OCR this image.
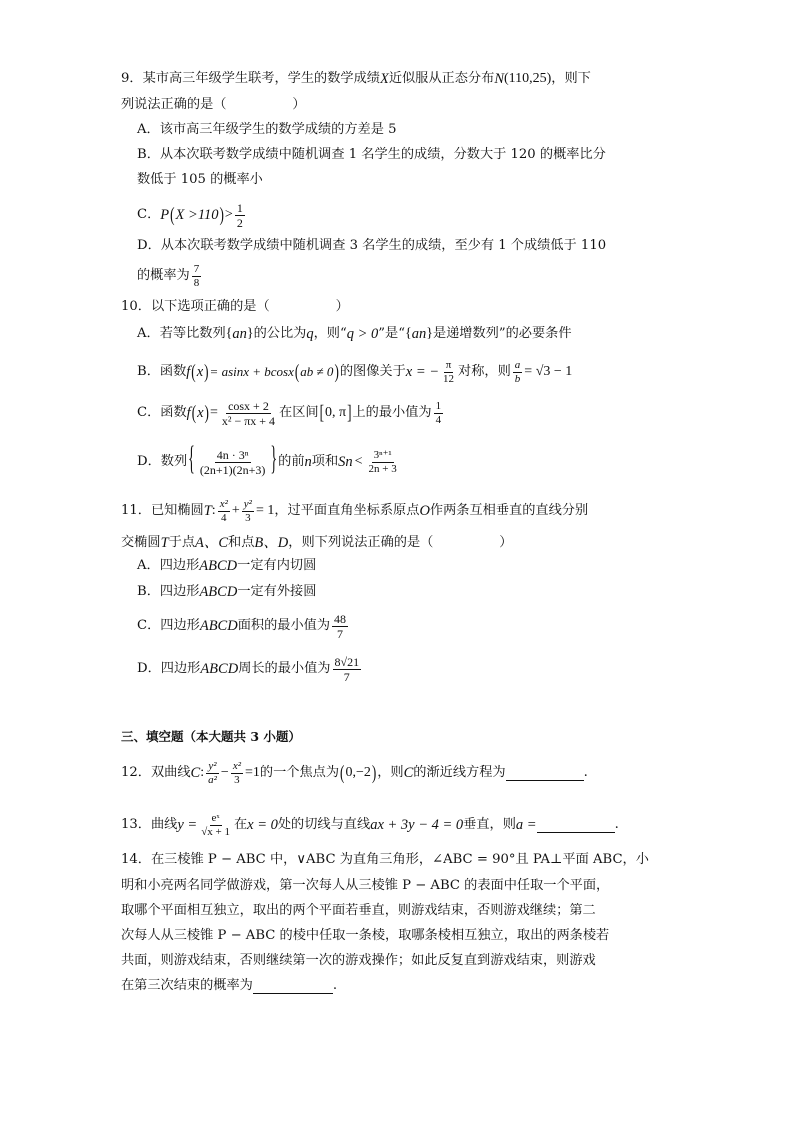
9．某市高三年级学生联考，学生的数学成绩 X 近似服从正态分布 N (110,25) ，则下
列说法正确的是（　　　　　）
A．该市高三年级学生的数学成绩的方差是 5
B．从本次联考数学成绩中随机调查 1 名学生的成绩，分数大于 120 的概率比分
数低于 105 的概率小
C． P ( X >110 ) > $\frac{1}{2}$
D．从本次联考数学成绩中随机调查 3 名学生的成绩，至少有 1 个成绩低于 110
的概率为 $\frac{7}{8}$
10．以下选项正确的是（　　　　　）
A．若等比数列 { a n } 的公比为 q ，则“ q > 0 ”是“ { a n } 是递增数列”的必要条件
B．函数 f ( x ) = asinx + bcosx ( ab ≠ 0 ) 的图像关于 x = − $\frac{\pi}{12}$ 对称，则 $\frac{a}{b} = √3 - 1$
C．函数 f ( x ) = $\frac{\cos x + 2}{\text{x² − πx + 4}}$ 在区间 [ 0, π ] 上的最小值为 $\frac{1}{4}$
D．数列 { $\frac{\text{4n · 3ⁿ}}{(2n+1)(2n+3)}$ } 的前 n 项和 S $n < \frac{\text{3ⁿ⁺¹}}{2n + 3}$
11．已知椭圆 T : $\frac{\text{x²}}{4} + \frac{\text{y²}}{3} = 1$ ，过平面直角坐标系原点 O 作两条互相垂直的直线分别
交椭圆 T 于点 A、C 和点 B、D ，则下列说法正确的是（　　　　　）
A．四边形 ABCD 一定有内切圆
B．四边形 ABCD 一定有外接圆
C．四边形 ABCD 面积的最小值为 $\frac{48}{7}$
D．四边形 ABCD 周长的最小值为 $\frac{8√21}{7}$
三、填空题（本大题共 3 小题）
12．双曲线 C : $\frac{\text{y²}}{\text{a²}} - \frac{\text{x²}}{3} =1$ 的一个焦点为 ( 0,−2 ) ，则 C 的渐近线方程为	.
13．曲线 $y = \frac{\text{eˣ}}{√x + 1}$ 在 x = 0 处的切线与直线 ax + 3y − 4 = 0 垂直，则 a =	.
14．在三棱锥 P − ABC 中，∨ABC 为直角三角形，∠ABC = 90°且 PA⊥平面 ABC，小
明和小亮两名同学做游戏，第一次每人从三棱锥 P − ABC 的表面中任取一个平面，
取哪个平面相互独立，取出的两个平面若垂直，则游戏结束，否则游戏继续；第二
次每人从三棱锥 P − ABC 的棱中任取一条棱，取哪条棱相互独立，取出的两条棱若
共面，则游戏结束，否则继续第一次的游戏操作；如此反复直到游戏结束，则游戏
在第三次结束的概率为	.
